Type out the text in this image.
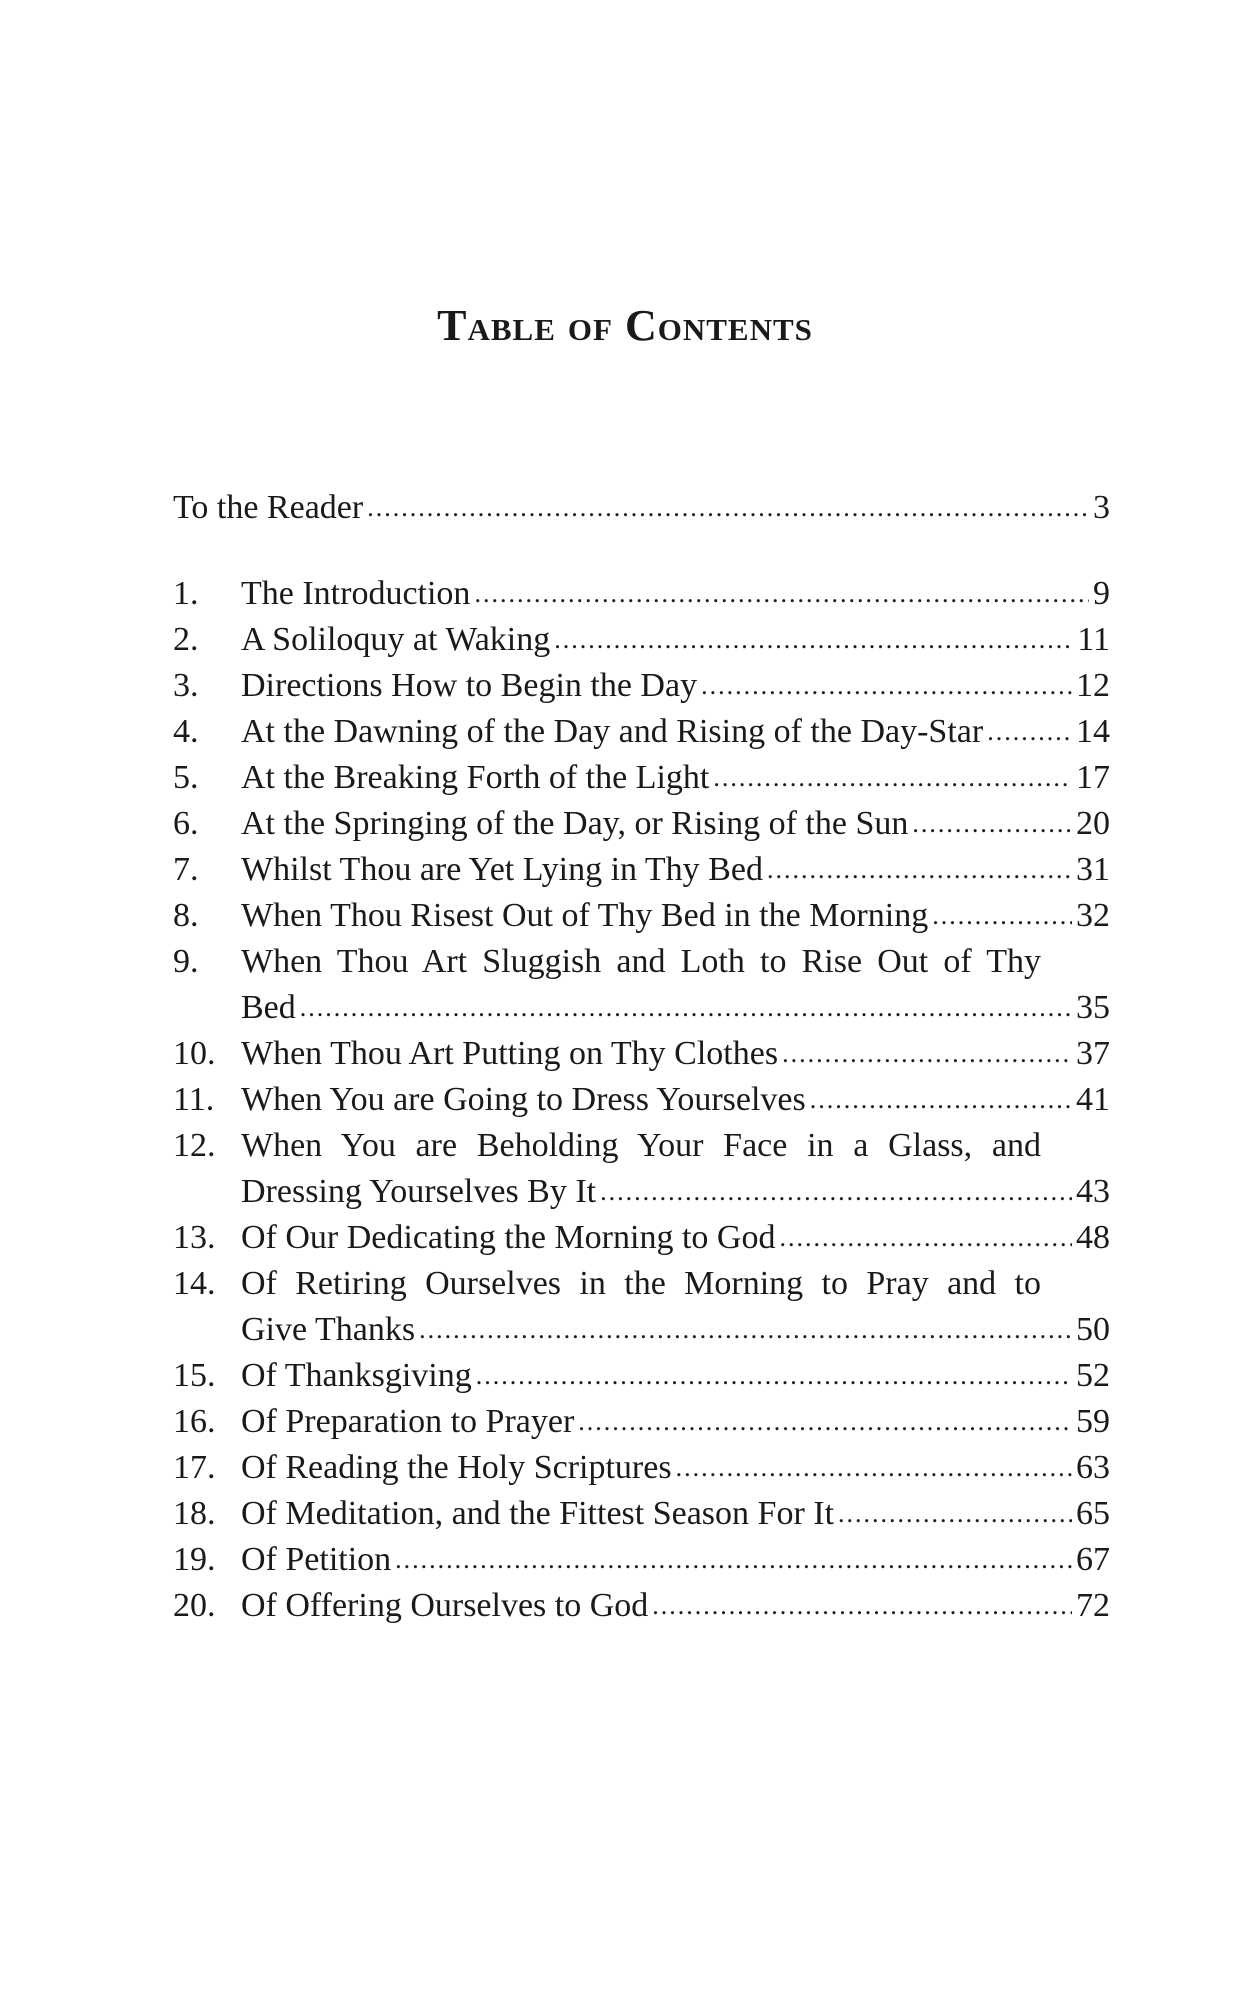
Table of Contents
To the Reader .....	3
1.	The Introduction .....	9
2.	A Soliloquy at Waking .....	11
3.	Directions How to Begin the Day .....	12
4.	At the Dawning of the Day and Rising of the Day-Star .....	14
5.	At the Breaking Forth of the Light .....	17
6.	At the Springing of the Day, or Rising of the Sun .....	20
7.	Whilst Thou are Yet Lying in Thy Bed .....	31
8.	When Thou Risest Out of Thy Bed in the Morning .....	32
9.	When Thou Art Sluggish and Loth to Rise Out of Thy
Bed .....	35
10. When Thou Art Putting on Thy Clothes .....	37
11. When You are Going to Dress Yourselves .....	41
12. When You are Beholding Your Face in a Glass, and
Dressing Yourselves By It .....	43
13. Of Our Dedicating the Morning to God .....	48
14. Of Retiring Ourselves in the Morning to Pray and to
Give Thanks .....	50
15. Of Thanksgiving .....	52
16. Of Preparation to Prayer .....	59
17. Of Reading the Holy Scriptures .....	63
18. Of Meditation, and the Fittest Season For It .....	65
19. Of Petition .....	67
20. Of Offering Ourselves to God .....	72
